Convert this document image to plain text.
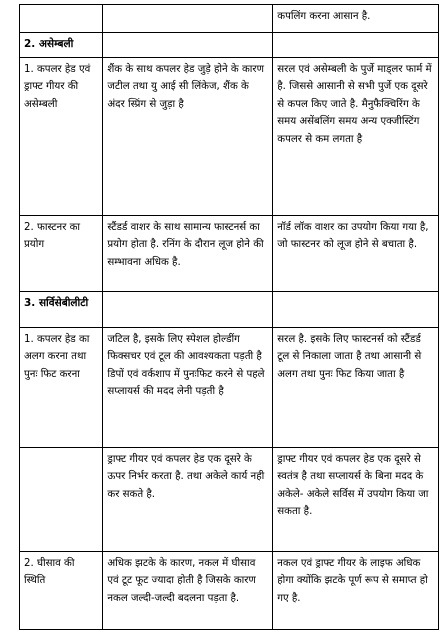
		कपलिंग करना आसान है.
2. असेम्बली		
1. कपलर हेड एवं ड्राफ्ट गीयर की असेम्बली	शैंक के साथ कपलर हेड जुड़े होने के कारण जटील तथा यु आई सी लिंकेज, शैंक के अंदर स्प्रिंग से जुड़ा है	सरल एवं असेम्बली के पुर्जे माड्लर फार्म में है. जिससे आसानी से सभी पुर्जे एक दूसरे से कपल किए जाते है. मैनुफैक्चिरिंग के समय असेंबलिंग समय अन्य एक्जीस्टिंग कपलर से कम लगता है
2. फास्टनर का प्रयोग	स्टैंडर्ड वाशर के साथ सामान्य फास्टनर्स का प्रयोग होता है. रनिंग के दौरान लूज होने की सम्भावना अधिक है.	नॉर्ड लॉक वाशर का उपयोग किया गया है, जो फास्टनर को लूज होने से बचाता है.
3. सर्विसेबीलीटी		
1. कपलर हेड का अलग करना तथा पुनः फिट करना	जटिल है, इसके लिए स्पेशल होल्डींग फिक्सचर एवं टूल की आवश्यकता पड़ती है डिपों एवं वर्कशाप में पुनःफिट करने से पहले सप्लायर्स की मदद लेनी पड़ती है	सरल है. इसके लिए फास्टनर्स को स्टैंडर्ड टूल से निकाला जाता है तथा आसानी से अलग तथा पुनः फिट किया जाता है
	ड्राफ्ट गीयर एवं कपलर हेड एक दूसरे के ऊपर निर्भर करता है. तथा अकेले कार्य नही कर सकते है.	ड्राफ्ट गीयर एवं कपलर हेड एक दूसरे से स्वतंत्र है तथा सप्लायर्स के बिना मदद के अकेले- अकेले सर्विस में उपयोग किया जा सकता है.
2. घीसाव की स्थिति	अधिक झटके के कारण, नकल में घीसाव एवं टूट फूट ज्यादा होती है जिसके कारण नकल जल्दी-जल्दी बदलना पड़ता है.	नकल एवं ड्राफ्ट गीयर के लाइफ अधिक होगा क्योंकि झटके पूर्ण रूप से समाप्त हो गए है.
